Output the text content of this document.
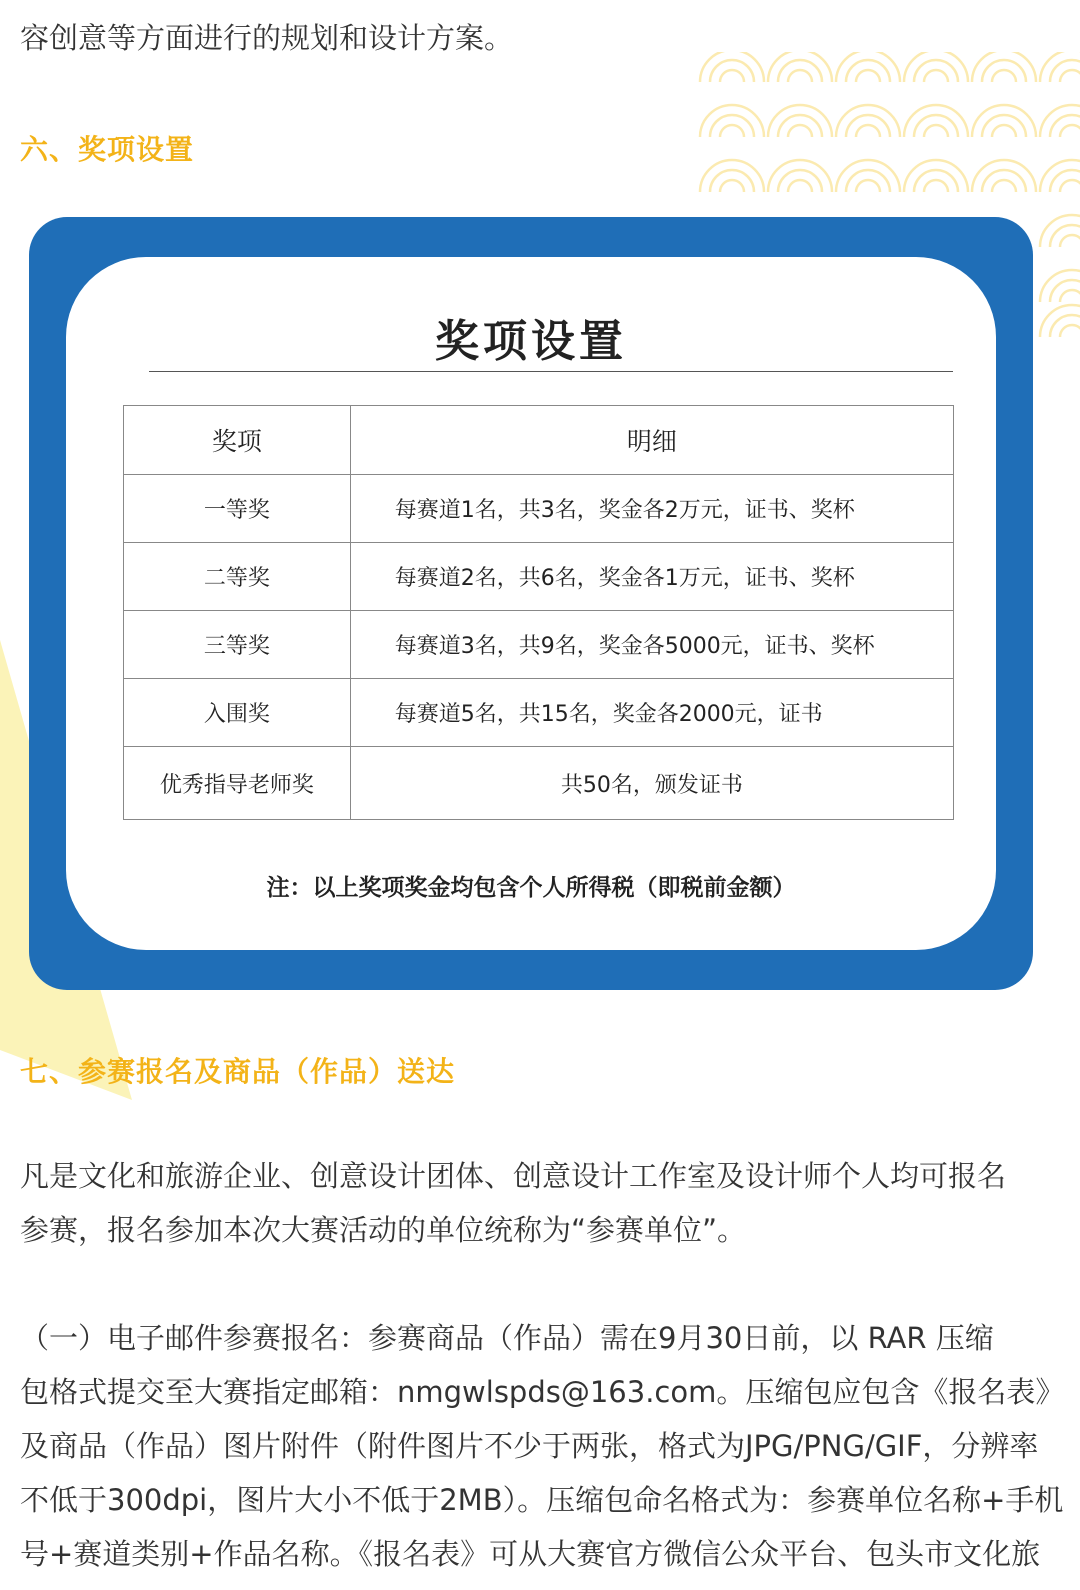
容创意等方面进行的规划和设计方案。

六、奖项设置
奖项设置
奖项	明细
一等奖	每赛道1名，共3名，奖金各2万元，证书、奖杯
二等奖	每赛道2名，共6名，奖金各1万元，证书、奖杯
三等奖	每赛道3名，共9名，奖金各5000元，证书、奖杯
入围奖	每赛道5名，共15名，奖金各2000元，证书
优秀指导老师奖	共50名，颁发证书

注：以上奖项奖金均包含个人所得税（即税前金额）

七、参赛报名及商品（作品）送达

凡是文化和旅游企业、创意设计团体、创意设计工作室及设计师个人均可报名

参赛，报名参加本次大赛活动的单位统称为“参赛单位”。

（一）电子邮件参赛报名：参赛商品（作品）需在9月30日前，以 RAR 压缩

包格式提交至大赛指定邮箱：nmgwlspds@163.com。压缩包应包含《报名表》

及商品（作品）图片附件（附件图片不少于两张，格式为JPG/PNG/GIF，分辨率

不低于300dpi，图片大小不低于2MB）。压缩包命名格式为：参赛单位名称+手机

号+赛道类别+作品名称。《报名表》可从大赛官方微信公众平台、包头市文化旅
